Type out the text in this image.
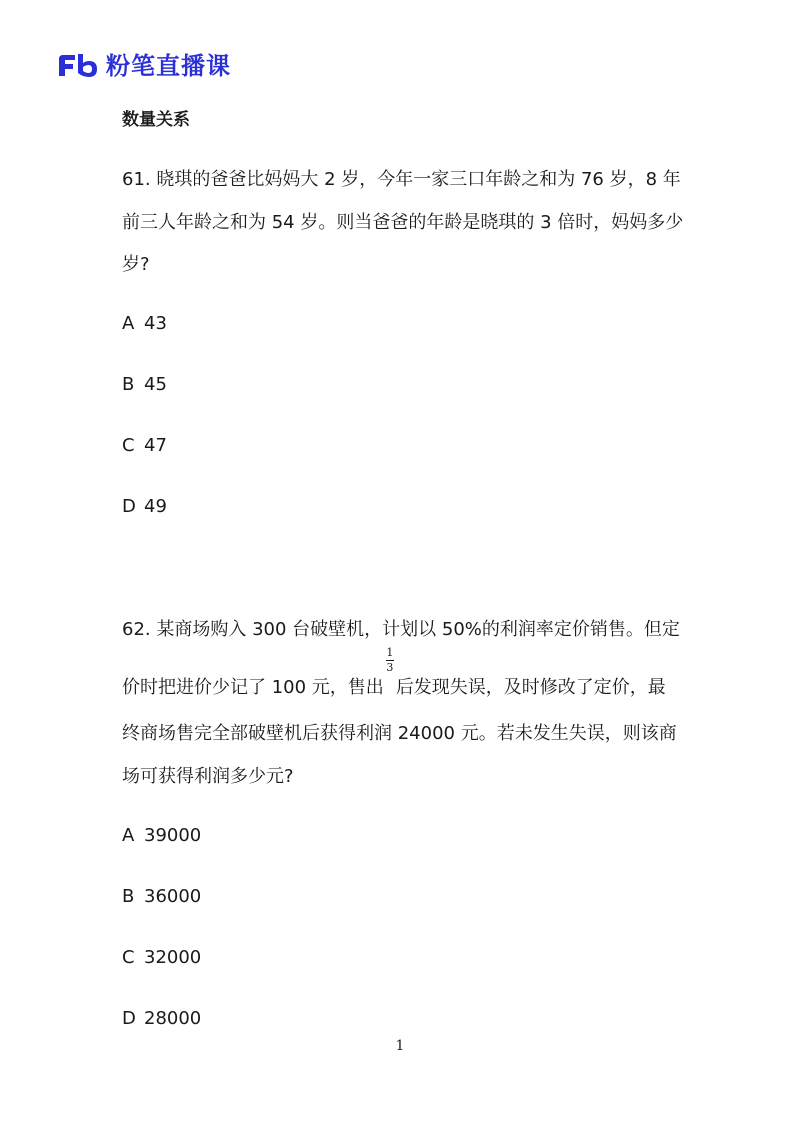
粉笔直播课
数量关系
61. 晓琪的爸爸比妈妈大 2 岁，今年一家三口年龄之和为 76 岁，8 年
前三人年龄之和为 54 岁。则当爸爸的年龄是晓琪的 3 倍时，妈妈多少
岁?
A 43
B 45
C 47
D 49
62. 某商场购入 300 台破壁机，计划以 50%的利润率定价销售。但定
价时把进价少记了 100 元，售出 $\frac{1}{3}$ 后发现失误，及时修改了定价，最
终商场售完全部破壁机后获得利润 24000 元。若未发生失误，则该商
场可获得利润多少元?
A 39000
B 36000
C 32000
D 28000
1
